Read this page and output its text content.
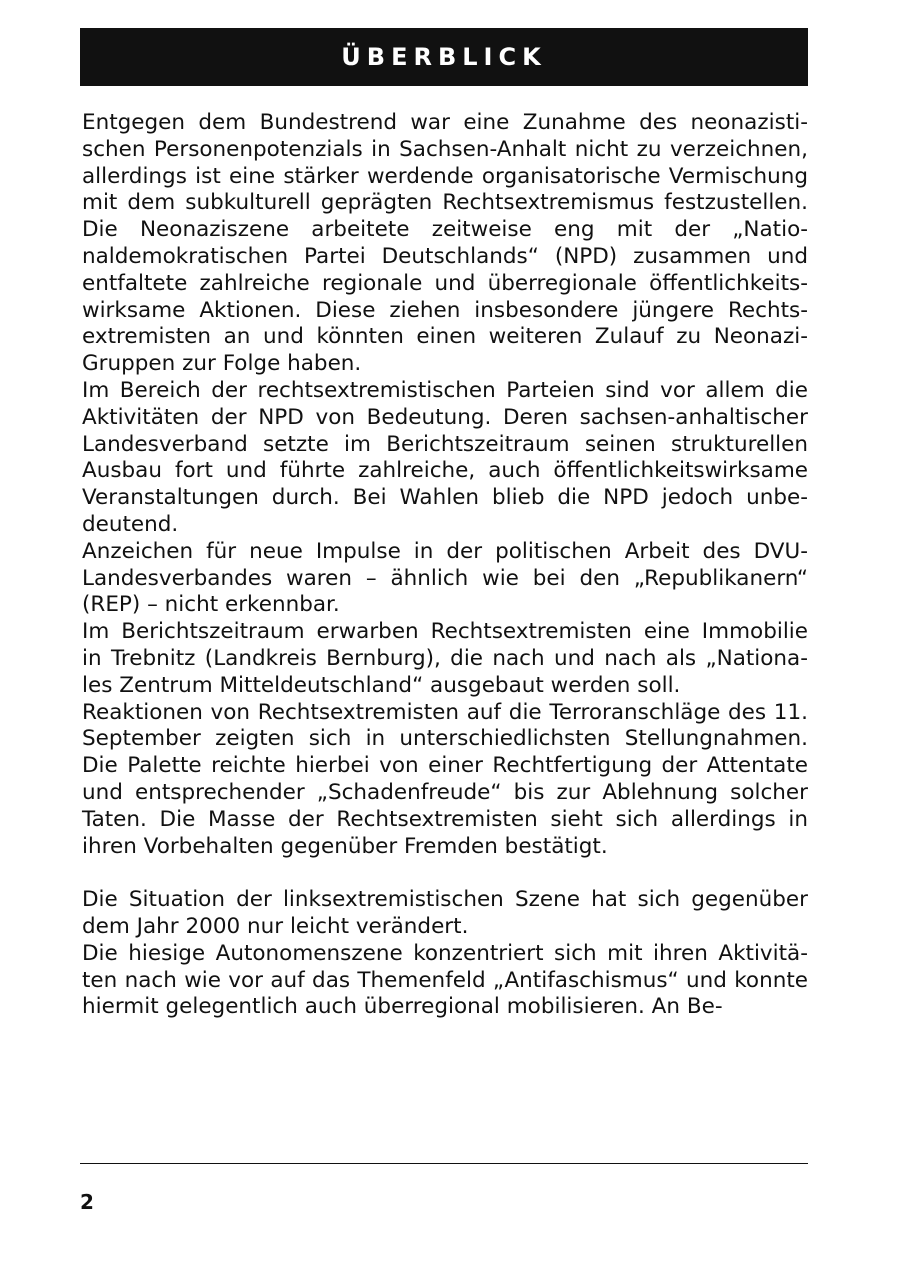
ÜBERBLICK

Entgegen dem Bundestrend war eine Zunahme des neonazistischen Personenpotenzials in Sachsen-Anhalt nicht zu verzeichnen, allerdings ist eine stärker werdende organisatorische Vermischung mit dem subkulturell geprägten Rechtsextremismus festzustellen. Die Neonaziszene arbeitete zeitweise eng mit der „Nationaldemokratischen Partei Deutschlands“ (NPD) zusammen und entfaltete zahlreiche regionale und überregionale öffentlichkeitswirksame Aktionen. Diese ziehen insbesondere jüngere Rechtsextremisten an und könnten einen weiteren Zulauf zu Neonazi-Gruppen zur Folge haben.

Im Bereich der rechtsextremistischen Parteien sind vor allem die Aktivitäten der NPD von Bedeutung. Deren sachsen-anhaltischer Landesverband setzte im Berichtszeitraum seinen strukturellen Ausbau fort und führte zahlreiche, auch öffentlichkeitswirksame Veranstaltungen durch. Bei Wahlen blieb die NPD jedoch unbedeutend.

Anzeichen für neue Impulse in der politischen Arbeit des DVU-Landesverbandes waren – ähnlich wie bei den „Republikanern“ (REP) – nicht erkennbar.

Im Berichtszeitraum erwarben Rechtsextremisten eine Immobilie in Trebnitz (Landkreis Bernburg), die nach und nach als „Nationales Zentrum Mitteldeutschland“ ausgebaut werden soll.

Reaktionen von Rechtsextremisten auf die Terroranschläge des 11. September zeigten sich in unterschiedlichsten Stellungnahmen. Die Palette reichte hierbei von einer Rechtfertigung der Attentate und entsprechender „Schadenfreude“ bis zur Ablehnung solcher Taten. Die Masse der Rechtsextremisten sieht sich allerdings in ihren Vorbehalten gegenüber Fremden bestätigt.

Die Situation der linksextremistischen Szene hat sich gegenüber dem Jahr 2000 nur leicht verändert.

Die hiesige Autonomenszene konzentriert sich mit ihren Aktivitäten nach wie vor auf das Themenfeld „Antifaschismus“ und konnte hiermit gelegentlich auch überregional mobilisieren. An Be-

2
